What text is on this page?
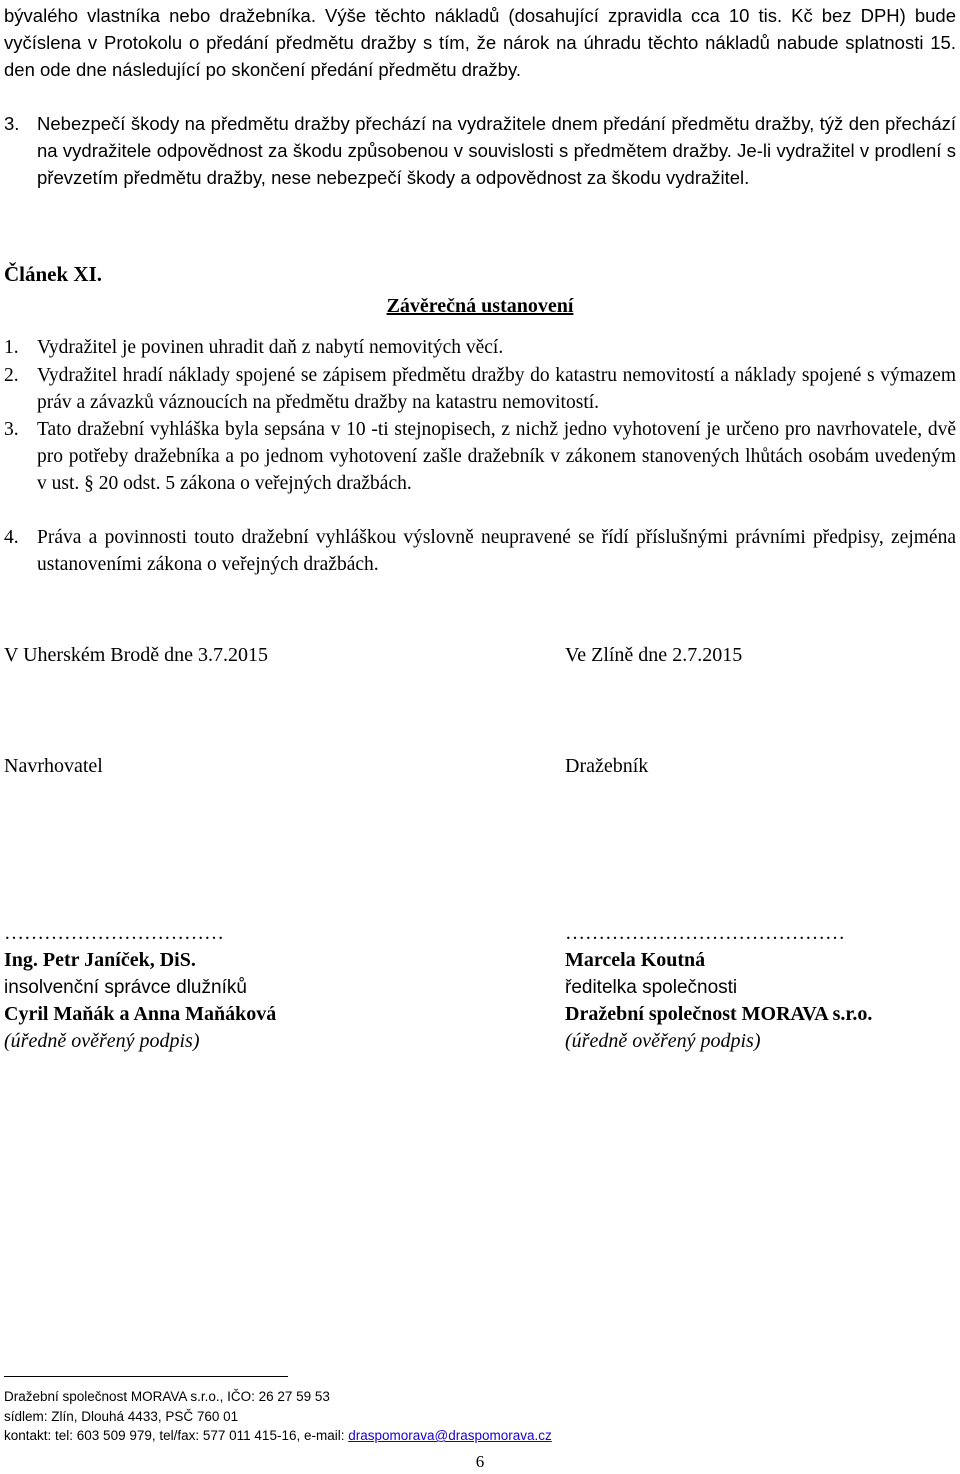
bývalého vlastníka nebo dražebníka. Výše těchto nákladů (dosahující zpravidla cca 10 tis. Kč bez DPH) bude vyčíslena v Protokolu o předání předmětu dražby s tím, že nárok na úhradu těchto nákladů nabude splatnosti 15. den ode dne následující po skončení předání předmětu dražby.

3. Nebezpečí škody na předmětu dražby přechází na vydražitele dnem předání předmětu dražby, týž den přechází na vydražitele odpovědnost za škodu způsobenou v souvislosti s předmětem dražby. Je-li vydražitel v prodlení s převzetím předmětu dražby, nese nebezpečí škody a odpovědnost za škodu vydražitel.
Článek XI.
Závěrečná ustanovení
1. Vydražitel je povinen uhradit daň z nabytí nemovitých věcí.
2. Vydražitel hradí náklady spojené se zápisem předmětu dražby do katastru nemovitostí a náklady spojené s výmazem práv a závazků váznoucích na předmětu dražby na katastru nemovitostí.
3. Tato dražební vyhláška byla sepsána v 10 -ti stejnopisech, z nichž jedno vyhotovení je určeno pro navrhovatele, dvě pro potřeby dražebníka a po jednom vyhotovení zašle dražebník v zákonem stanovených lhůtách osobám uvedeným v ust. § 20 odst. 5 zákona o veřejných dražbách.
4. Práva a povinnosti touto dražební vyhláškou výslovně neupravené se řídí příslušnými právními předpisy, zejména ustanoveními zákona o veřejných dražbách.
V Uherském Brodě dne 3.7.2015	Ve Zlíně dne 2.7.2015
Navrhovatel	Dražebník
……………………………
Ing. Petr Janíček, DiS.
insolvenční správce dlužníků
Cyril Maňák a Anna Maňáková
(úředně ověřený podpis)
……………………………………
Marcela Koutná
ředitelka společnosti
Dražební společnost MORAVA s.r.o.
(úředně ověřený podpis)
Dražební společnost MORAVA s.r.o., IČO: 26 27 59 53
sídlem: Zlín, Dlouhá 4433, PSČ 760 01
kontakt: tel: 603 509 979, tel/fax: 577 011 415-16, e-mail: draspomorava@draspomorava.cz
6
